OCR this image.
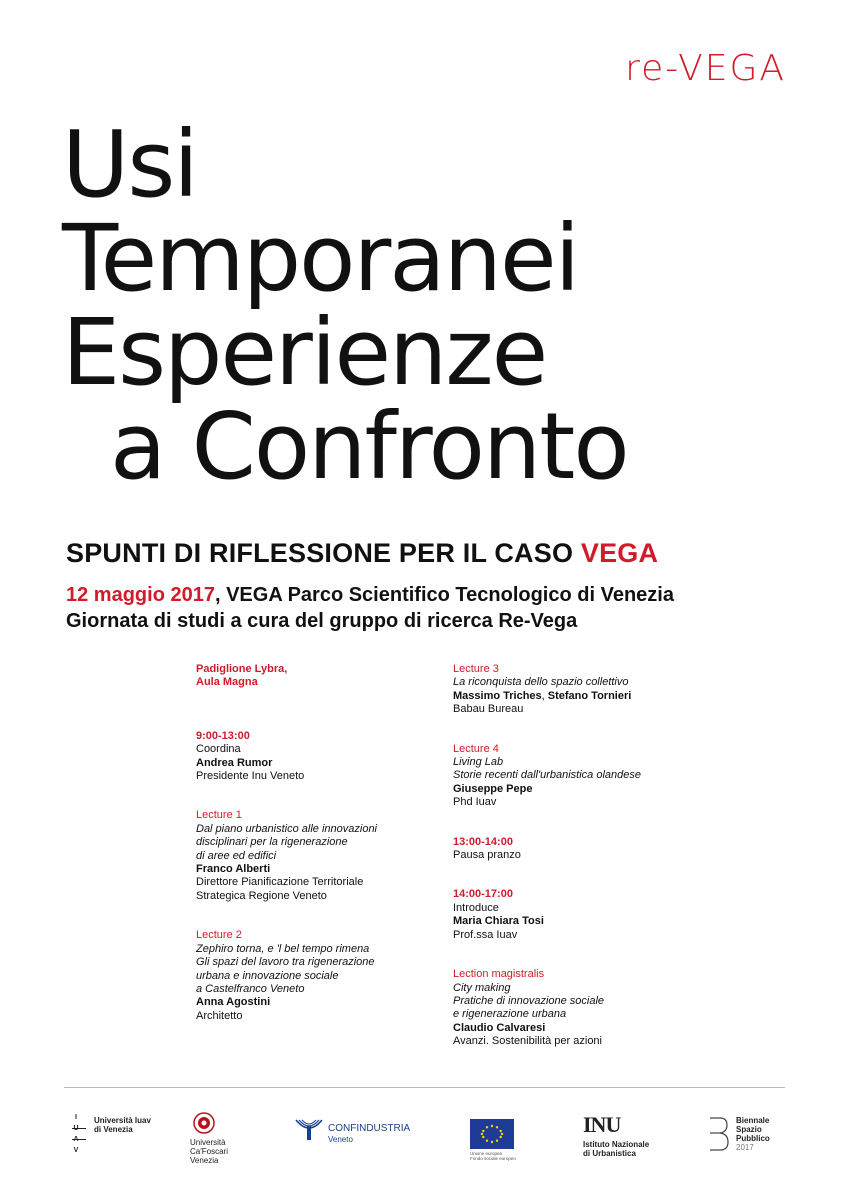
re-VEGA
Usi
Temporanei
Esperienze
a Confronto
SPUNTI DI RIFLESSIONE PER IL CASO VEGA
12 maggio 2017, VEGA Parco Scientifico Tecnologico di Venezia
Giornata di studi a cura del gruppo di ricerca Re-Vega
Padiglione Lybra,
Aula Magna
9:00-13:00
Coordina
Andrea Rumor
Presidente Inu Veneto
Lecture 1
Dal piano urbanistico alle innovazioni
disciplinari per la rigenerazione
di aree ed edifici
Franco Alberti
Direttore Pianificazione Territoriale
Strategica Regione Veneto
Lecture 2
Zephiro torna, e 'l bel tempo rimena
Gli spazi del lavoro tra rigenerazione
urbana e innovazione sociale
a Castelfranco Veneto
Anna Agostini
Architetto
Lecture 3
La riconquista dello spazio collettivo
Massimo Triches, Stefano Tornieri
Babau Bureau
Lecture 4
Living Lab
Storie recenti dall'urbanistica olandese
Giuseppe Pepe
Phd Iuav
13:00-14:00
Pausa pranzo
14:00-17:00
Introduce
Maria Chiara Tosi
Prof.ssa Iuav
Lection magistralis
City making
Pratiche di innovazione sociale
e rigenerazione urbana
Claudio Calvaresi
Avanzi. Sostenibilità per azioni
I V
Università Iuav
di Venezia
Università
Ca'Foscari
Venezia
CONFINDUSTRIA
Veneto
Unione europea
Fondo sociale europeo
INU
Istituto Nazionale
di Urbanistica
Biennale
Spazio
Pubblico
2017
